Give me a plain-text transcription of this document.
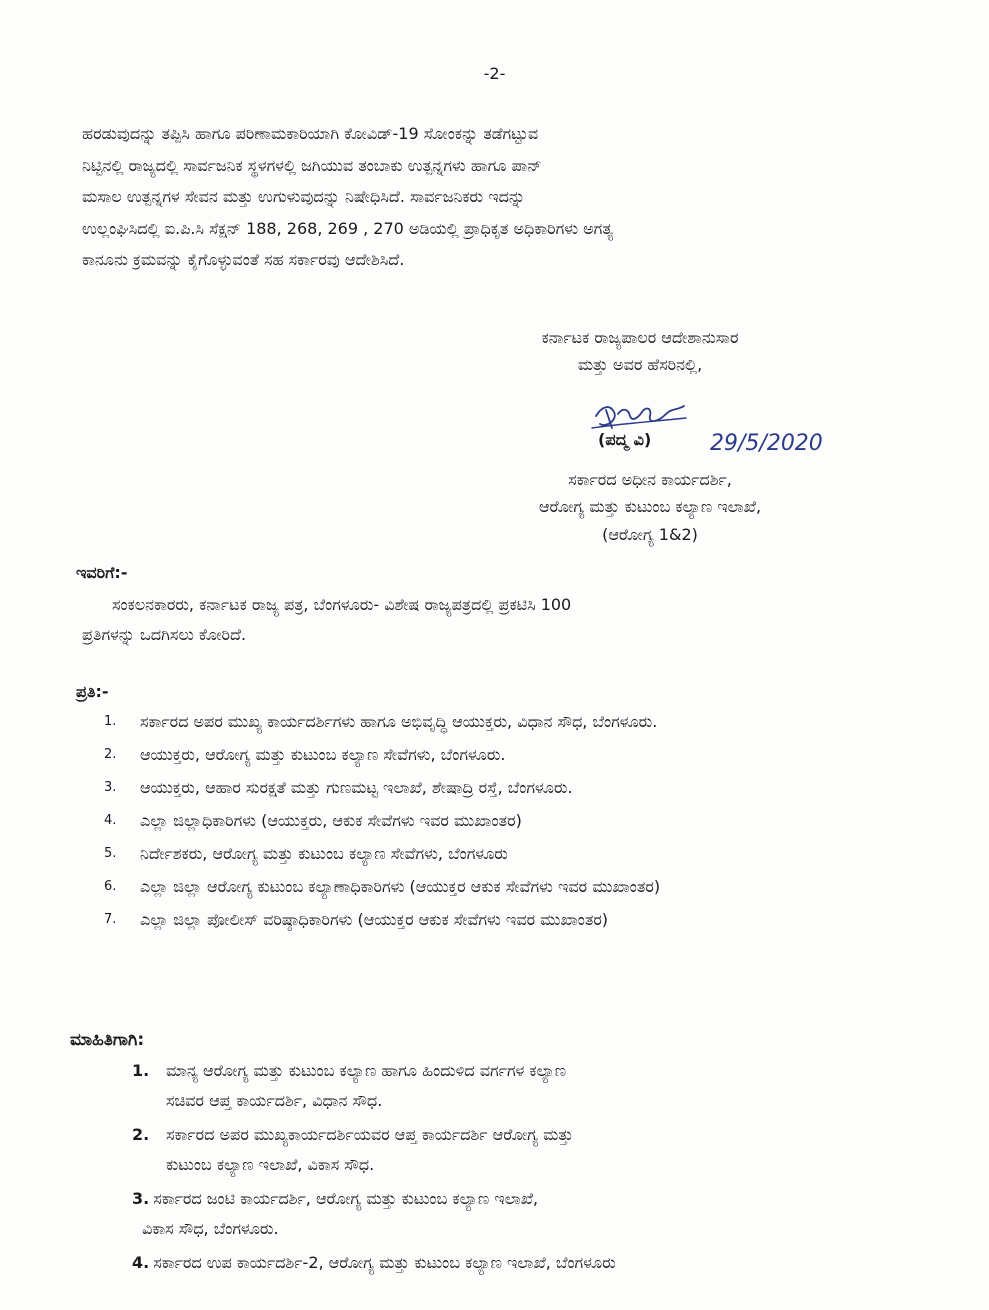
-2-
ಹರಡುವುದನ್ನು ತಪ್ಪಿಸಿ ಹಾಗೂ ಪರಿಣಾಮಕಾರಿಯಾಗಿ ಕೋವಿಡ್-19 ಸೋಂಕನ್ನು ತಡೆಗಟ್ಟುವ
ನಿಟ್ಟಿನಲ್ಲಿ ರಾಜ್ಯದಲ್ಲಿ ಸಾರ್ವಜನಿಕ ಸ್ಥಳಗಳಲ್ಲಿ ಜಗಿಯುವ ತಂಬಾಕು ಉತ್ಪನ್ನಗಳು ಹಾಗೂ ಪಾನ್
ಮಸಾಲ ಉತ್ಪನ್ನಗಳ ಸೇವನ ಮತ್ತು ಉಗುಳುವುದನ್ನು ನಿಷೇಧಿಸಿದೆ. ಸಾರ್ವಜನಿಕರು ಇದನ್ನು
ಉಲ್ಲಂಘಿಸಿದಲ್ಲಿ ಐ.ಪಿ.ಸಿ ಸೆಕ್ಷನ್ 188, 268, 269 , 270 ಅಡಿಯಲ್ಲಿ ಪ್ರಾಧಿಕೃತ ಅಧಿಕಾರಿಗಳು ಅಗತ್ಯ
ಕಾನೂನು ಕ್ರಮವನ್ನು ಕೈಗೊಳ್ಳುವಂತೆ ಸಹ ಸರ್ಕಾರವು ಆದೇಶಿಸಿದೆ.
ಕರ್ನಾಟಕ ರಾಜ್ಯಪಾಲರ ಆದೇಶಾನುಸಾರ
ಮತ್ತು ಅವರ ಹೆಸರಿನಲ್ಲಿ,
29/5/2020
(ಪದ್ಮ ವಿ)
ಸರ್ಕಾರದ ಅಧೀನ ಕಾರ್ಯದರ್ಶಿ,
ಆರೋಗ್ಯ ಮತ್ತು ಕುಟುಂಬ ಕಲ್ಯಾಣ ಇಲಾಖೆ,
(ಆರೋಗ್ಯ 1&2)
ಇವರಿಗೆ:-
ಸಂಕಲನಕಾರರು, ಕರ್ನಾಟಕ ರಾಜ್ಯ ಪತ್ರ, ಬೆಂಗಳೂರು- ವಿಶೇಷ ರಾಜ್ಯಪತ್ರದಲ್ಲಿ ಪ್ರಕಟಿಸಿ 100
ಪ್ರತಿಗಳನ್ನು ಒದಗಿಸಲು ಕೋರಿದೆ.
ಪ್ರತಿ:-
1. ಸರ್ಕಾರದ ಅಪರ ಮುಖ್ಯ ಕಾರ್ಯದರ್ಶಿಗಳು ಹಾಗೂ ಅಭಿವೃದ್ಧಿ ಆಯುಕ್ತರು, ವಿಧಾನ ಸೌಧ, ಬೆಂಗಳೂರು.
2. ಆಯುಕ್ತರು, ಆರೋಗ್ಯ ಮತ್ತು ಕುಟುಂಬ ಕಲ್ಯಾಣ ಸೇವೆಗಳು, ಬೆಂಗಳೂರು.
3. ಆಯುಕ್ತರು, ಆಹಾರ ಸುರಕ್ಷತೆ ಮತ್ತು ಗುಣಮಟ್ಟ ಇಲಾಖೆ, ಶೇಷಾದ್ರಿ ರಸ್ತೆ, ಬೆಂಗಳೂರು.
4. ಎಲ್ಲಾ ಜಿಲ್ಲಾಧಿಕಾರಿಗಳು (ಆಯುಕ್ತರು, ಆಕುಕ ಸೇವೆಗಳು ಇವರ ಮುಖಾಂತರ)
5. ನಿರ್ದೇಶಕರು, ಆರೋಗ್ಯ ಮತ್ತು ಕುಟುಂಬ ಕಲ್ಯಾಣ ಸೇವೆಗಳು, ಬೆಂಗಳೂರು
6. ಎಲ್ಲಾ ಜಿಲ್ಲಾ ಆರೋಗ್ಯ ಕುಟುಂಬ ಕಲ್ಯಾಣಾಧಿಕಾರಿಗಳು (ಆಯುಕ್ತರ ಆಕುಕ ಸೇವೆಗಳು ಇವರ ಮುಖಾಂತರ)
7. ಎಲ್ಲಾ ಜಿಲ್ಲಾ ಪೋಲೀಸ್ ವರಿಷ್ಠಾಧಿಕಾರಿಗಳು (ಆಯುಕ್ತರ ಆಕುಕ ಸೇವೆಗಳು ಇವರ ಮುಖಾಂತರ)
ಮಾಹಿತಿಗಾಗಿ:
1. ಮಾನ್ಯ ಆರೋಗ್ಯ ಮತ್ತು ಕುಟುಂಬ ಕಲ್ಯಾಣ ಹಾಗೂ ಹಿಂದುಳಿದ ವರ್ಗಗಳ ಕಲ್ಯಾಣ
ಸಚಿವರ ಆಪ್ತ ಕಾರ್ಯದರ್ಶಿ, ವಿಧಾನ ಸೌಧ.
2. ಸರ್ಕಾರದ ಅಪರ ಮುಖ್ಯಕಾರ್ಯದರ್ಶಿಯವರ ಆಪ್ತ ಕಾರ್ಯದರ್ಶಿ ಆರೋಗ್ಯ ಮತ್ತು
ಕುಟುಂಬ ಕಲ್ಯಾಣ ಇಲಾಖೆ, ವಿಕಾಸ ಸೌಧ.
3. ಸರ್ಕಾರದ ಜಂಟಿ ಕಾರ್ಯದರ್ಶಿ, ಆರೋಗ್ಯ ಮತ್ತು ಕುಟುಂಬ ಕಲ್ಯಾಣ ಇಲಾಖೆ,
ವಿಕಾಸ ಸೌಧ, ಬೆಂಗಳೂರು.
4. ಸರ್ಕಾರದ ಉಪ ಕಾರ್ಯದರ್ಶಿ-2, ಆರೋಗ್ಯ ಮತ್ತು ಕುಟುಂಬ ಕಲ್ಯಾಣ ಇಲಾಖೆ, ಬೆಂಗಳೂರು
